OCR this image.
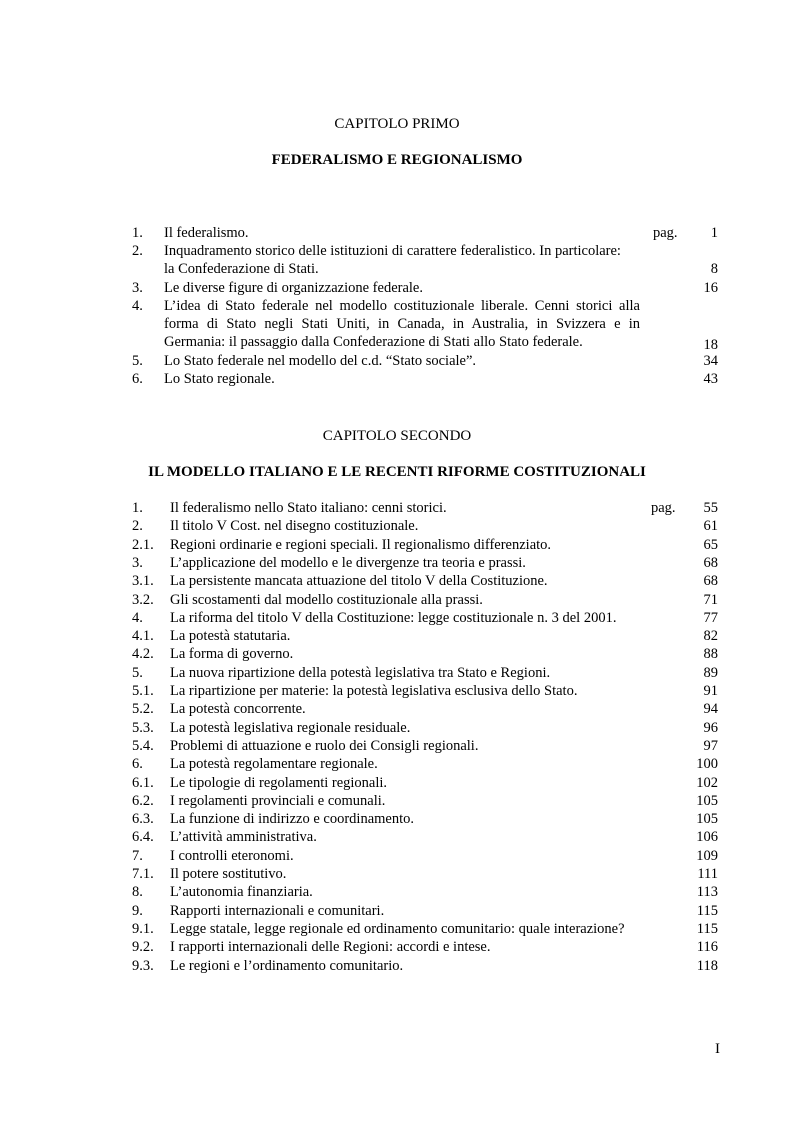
CAPITOLO PRIMO
FEDERALISMO E REGIONALISMO
1. Il federalismo.	pag.	1
2. Inquadramento storico delle istituzioni di carattere federalistico. In particolare:
la Confederazione di Stati.	8
3. Le diverse figure di organizzazione federale.	16
4. L’idea di Stato federale nel modello costituzionale liberale. Cenni storici alla
forma di Stato negli Stati Uniti, in Canada, in Australia, in Svizzera e in
Germania: il passaggio dalla Confederazione di Stati allo Stato federale.	18
5. Lo Stato federale nel modello del c.d. “Stato sociale”.	34
6. Lo Stato regionale.	43
CAPITOLO SECONDO
IL MODELLO ITALIANO E LE RECENTI RIFORME COSTITUZIONALI
1. Il federalismo nello Stato italiano: cenni storici.	pag.	55
2. Il titolo V Cost. nel disegno costituzionale.	61
2.1. Regioni ordinarie e regioni speciali. Il regionalismo differenziato.	65
3. L’applicazione del modello e le divergenze tra teoria e prassi.	68
3.1. La persistente mancata attuazione del titolo V della Costituzione.	68
3.2. Gli scostamenti dal modello costituzionale alla prassi.	71
4. La riforma del titolo V della Costituzione: legge costituzionale n. 3 del 2001.	77
4.1. La potestà statutaria.	82
4.2. La forma di governo.	88
5. La nuova ripartizione della potestà legislativa tra Stato e Regioni.	89
5.1. La ripartizione per materie: la potestà legislativa esclusiva dello Stato.	91
5.2. La potestà concorrente.	94
5.3. La potestà legislativa regionale residuale.	96
5.4. Problemi di attuazione e ruolo dei Consigli regionali.	97
6. La potestà regolamentare regionale.	100
6.1. Le tipologie di regolamenti regionali.	102
6.2. I regolamenti provinciali e comunali.	105
6.3. La funzione di indirizzo e coordinamento.	105
6.4. L’attività amministrativa.	106
7. I controlli eteronomi.	109
7.1. Il potere sostitutivo.	111
8. L’autonomia finanziaria.	113
9. Rapporti internazionali e comunitari.	115
9.1. Legge statale, legge regionale ed ordinamento comunitario: quale interazione?	115
9.2. I rapporti internazionali delle Regioni: accordi e intese.	116
9.3. Le regioni e l’ordinamento comunitario.	118
I
